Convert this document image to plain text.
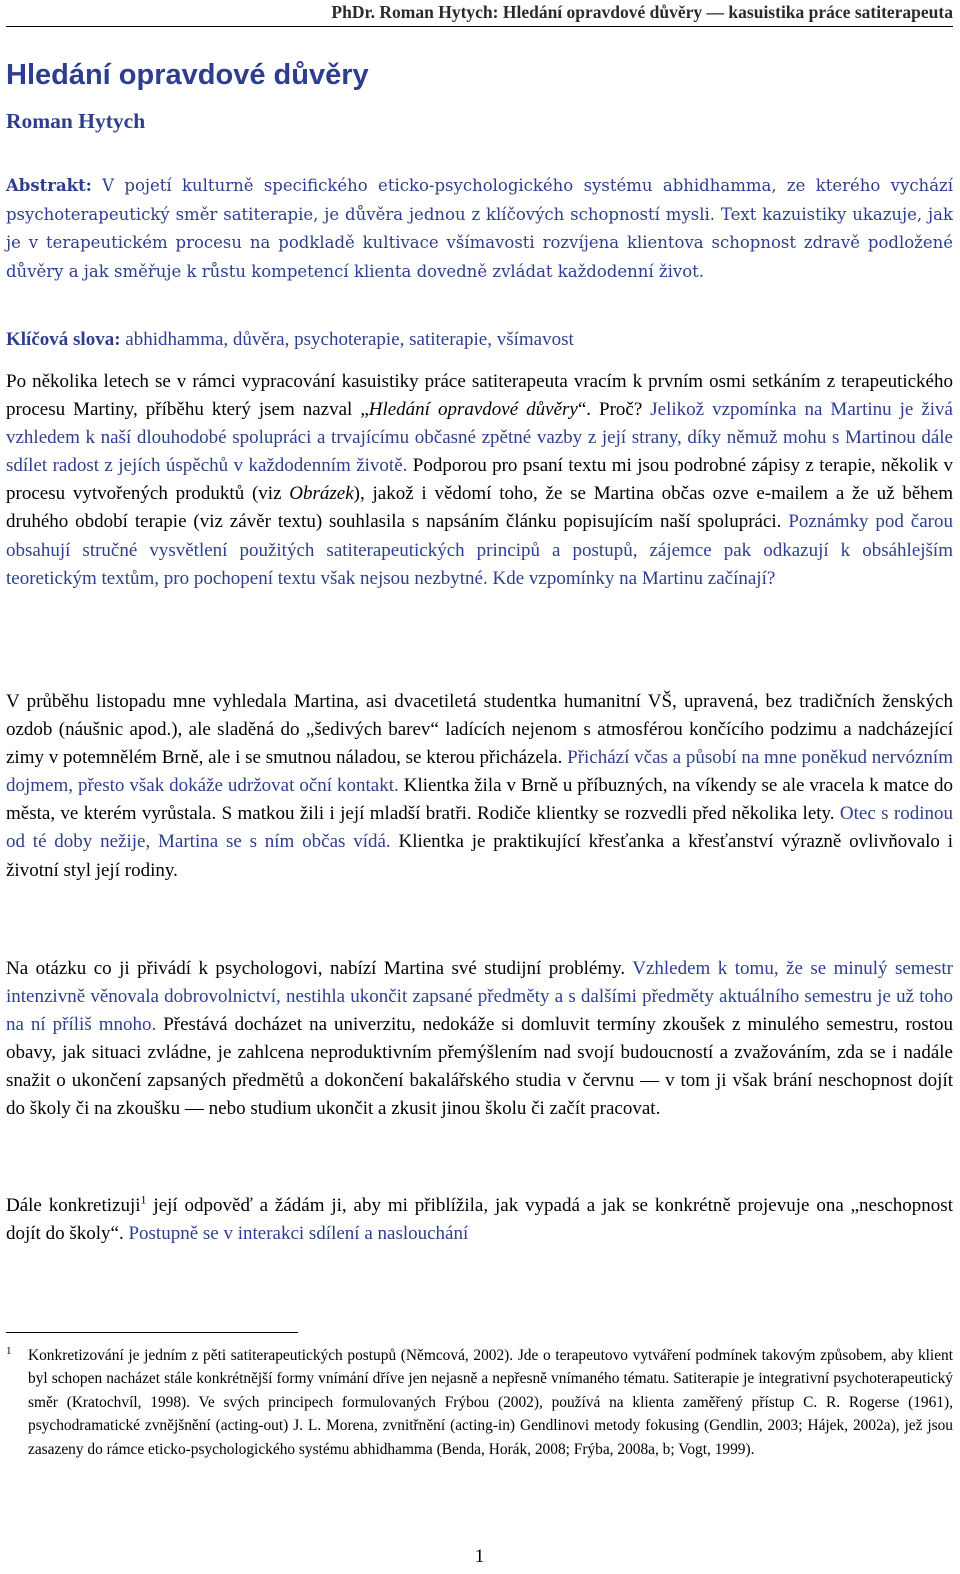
PhDr. Roman Hytych: Hledání opravdové důvěry — kasuistika práce satiterapeuta
Hledání opravdové důvěry
Roman Hytych

Abstrakt: V pojetí kulturně specifického eticko-psychologického systému abhidhamma, ze kterého vychází psychoterapeutický směr satiterapie, je důvěra jednou z klíčových schopností mysli. Text kazuistiky ukazuje, jak je v terapeutickém procesu na podkladě kultivace všímavosti rozvíjena klientova schopnost zdravě podložené důvěry a jak směřuje k růstu kompetencí klienta dovedně zvládat každodenní život.

Klíčová slova: abhidhamma, důvěra, psychoterapie, satiterapie, všímavost

Po několika letech se v rámci vypracování kasuistiky práce satiterapeuta vracím k prvním osmi setkáním z terapeutického procesu Martiny, příběhu který jsem nazval „Hledání opravdové důvěry“. Proč? Jelikož vzpomínka na Martinu je živá vzhledem k naší dlouhodobé spolupráci a trvajícímu občasné zpětné vazby z její strany, díky němuž mohu s Martinou dále sdílet radost z jejích úspěchů v každodenním životě. Podporou pro psaní textu mi jsou podrobné zápisy z terapie, několik v procesu vytvořených produktů (viz Obrázek), jakož i vědomí toho, že se Martina občas ozve e-mailem a že už během druhého období terapie (viz závěr textu) souhlasila s napsáním článku popisujícím naší spolupráci. Poznámky pod čarou obsahují stručné vysvětlení použitých satiterapeutických principů a postupů, zájemce pak odkazují k obsáhlejším teoretickým textům, pro pochopení textu však nejsou nezbytné. Kde vzpomínky na Martinu začínají?

V průběhu listopadu mne vyhledala Martina, asi dvacetiletá studentka humanitní VŠ, upravená, bez tradičních ženských ozdob (náušnic apod.), ale sladěná do „šedivých barev“ ladících nejenom s atmosférou končícího podzimu a nadcházející zimy v potemnělém Brně, ale i se smutnou náladou, se kterou přicházela. Přichází včas a působí na mne poněkud nervózním dojmem, přesto však dokáže udržovat oční kontakt. Klientka žila v Brně u příbuzných, na víkendy se ale vracela k matce do města, ve kterém vyrůstala. S matkou žili i její mladší bratři. Rodiče klientky se rozvedli před několika lety. Otec s rodinou od té doby nežije, Martina se s ním občas vídá. Klientka je praktikující křesťanka a křesťanství výrazně ovlivňovalo i životní styl její rodiny.

Na otázku co ji přivádí k psychologovi, nabízí Martina své studijní problémy. Vzhledem k tomu, že se minulý semestr intenzivně věnovala dobrovolnictví, nestihla ukončit zapsané předměty a s dalšími předměty aktuálního semestru je už toho na ní příliš mnoho. Přestává docházet na univerzitu, nedokáže si domluvit termíny zkoušek z minulého semestru, rostou obavy, jak situaci zvládne, je zahlcena neproduktivním přemýšlením nad svojí budoucností a zvažováním, zda se i nadále snažit o ukončení zapsaných předmětů a dokončení bakalářského studia v červnu — v tom ji však brání neschopnost dojít do školy či na zkoušku — nebo studium ukončit a zkusit jinou školu či začít pracovat.

Dále konkretizuji$^1$ její odpověď a žádám ji, aby mi přiblížila, jak vypadá a jak se konkrétně projevuje ona „neschopnost dojít do školy“. Postupně se v interakci sdílení a naslouchání

1 Konkretizování je jedním z pěti satiterapeutických postupů (Němcová, 2002). Jde o terapeutovo vytváření podmínek takovým způsobem, aby klient byl schopen nacházet stále konkrétnější formy vnímání dříve jen nejasně a nepřesně vnímaného tématu. Satiterapie je integrativní psychoterapeutický směr (Kratochvíl, 1998). Ve svých principech formulovaných Frýbou (2002), používá na klienta zaměřený přístup C. R. Rogerse (1961), psychodramatické zvnějšnění (acting-out) J. L. Morena, zvnitřnění (acting-in) Gendlinovi metody fokusing (Gendlin, 2003; Hájek, 2002a), jež jsou zasazeny do rámce eticko-psychologického systému abhidhamma (Benda, Horák, 2008; Frýba, 2008a, b; Vogt, 1999).

1
